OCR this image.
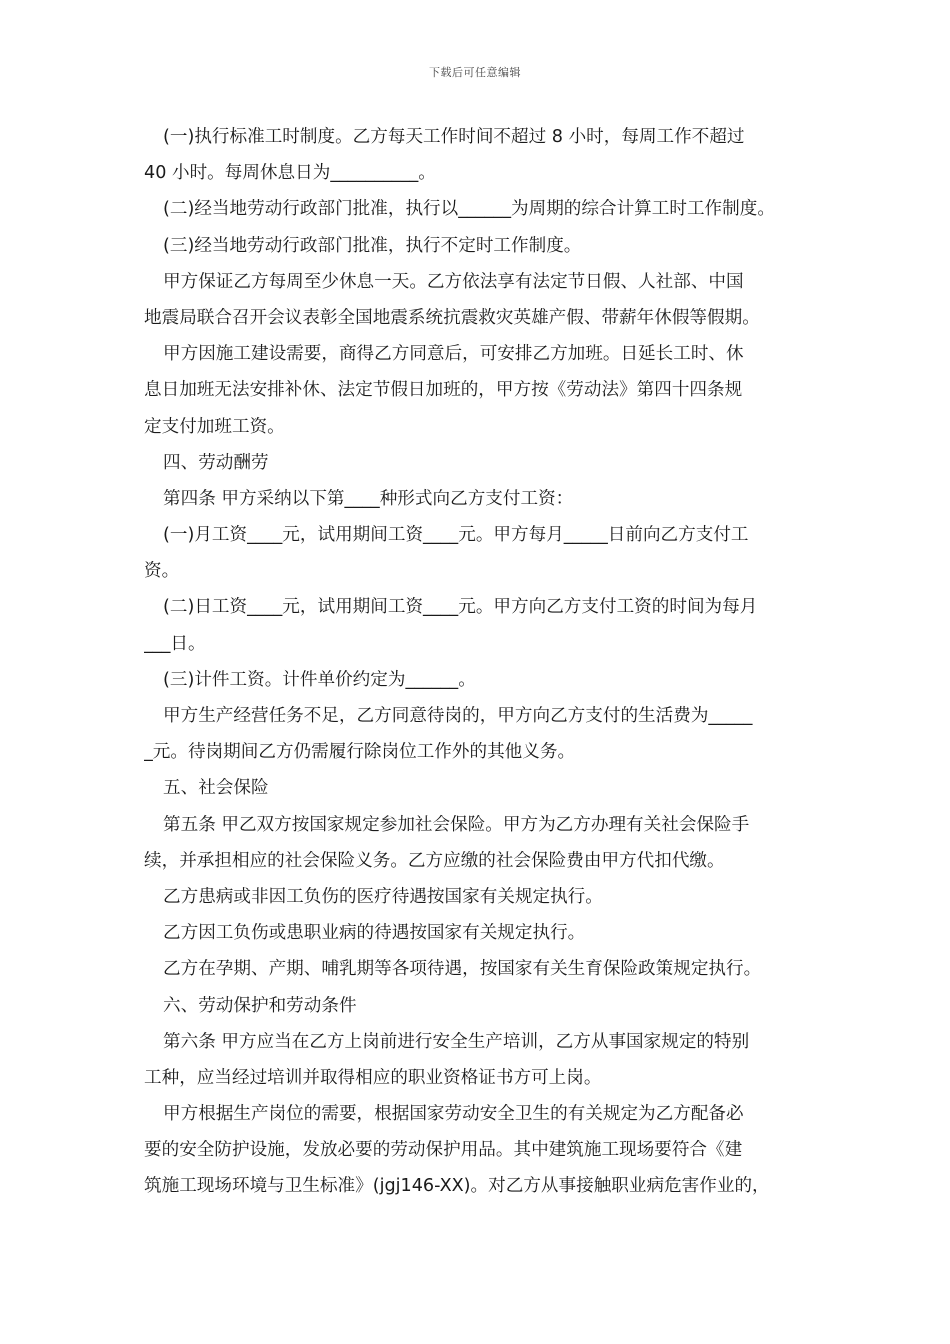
下载后可任意编辑
(一)执行标准工时制度。乙方每天工作时间不超过 8 小时，每周工作不超过
40 小时。每周休息日为__________。
(二)经当地劳动行政部门批准，执行以______为周期的综合计算工时工作制度。
(三)经当地劳动行政部门批准，执行不定时工作制度。
甲方保证乙方每周至少休息一天。乙方依法享有法定节日假、人社部、中国
地震局联合召开会议表彰全国地震系统抗震救灾英雄产假、带薪年休假等假期。
甲方因施工建设需要，商得乙方同意后，可安排乙方加班。日延长工时、休
息日加班无法安排补休、法定节假日加班的，甲方按《劳动法》第四十四条规
定支付加班工资。
四、劳动酬劳
第四条 甲方采纳以下第____种形式向乙方支付工资：
(一)月工资____元，试用期间工资____元。甲方每月_____日前向乙方支付工
资。
(二)日工资____元，试用期间工资____元。甲方向乙方支付工资的时间为每月
___日。
(三)计件工资。计件单价约定为______。
甲方生产经营任务不足，乙方同意待岗的，甲方向乙方支付的生活费为_____
_元。待岗期间乙方仍需履行除岗位工作外的其他义务。
五、社会保险
第五条 甲乙双方按国家规定参加社会保险。甲方为乙方办理有关社会保险手
续，并承担相应的社会保险义务。乙方应缴的社会保险费由甲方代扣代缴。
乙方患病或非因工负伤的医疗待遇按国家有关规定执行。
乙方因工负伤或患职业病的待遇按国家有关规定执行。
乙方在孕期、产期、哺乳期等各项待遇，按国家有关生育保险政策规定执行。
六、劳动保护和劳动条件
第六条 甲方应当在乙方上岗前进行安全生产培训，乙方从事国家规定的特别
工种，应当经过培训并取得相应的职业资格证书方可上岗。
甲方根据生产岗位的需要，根据国家劳动安全卫生的有关规定为乙方配备必
要的安全防护设施，发放必要的劳动保护用品。其中建筑施工现场要符合《建
筑施工现场环境与卫生标准》(jgj146-XX)。对乙方从事接触职业病危害作业的，
